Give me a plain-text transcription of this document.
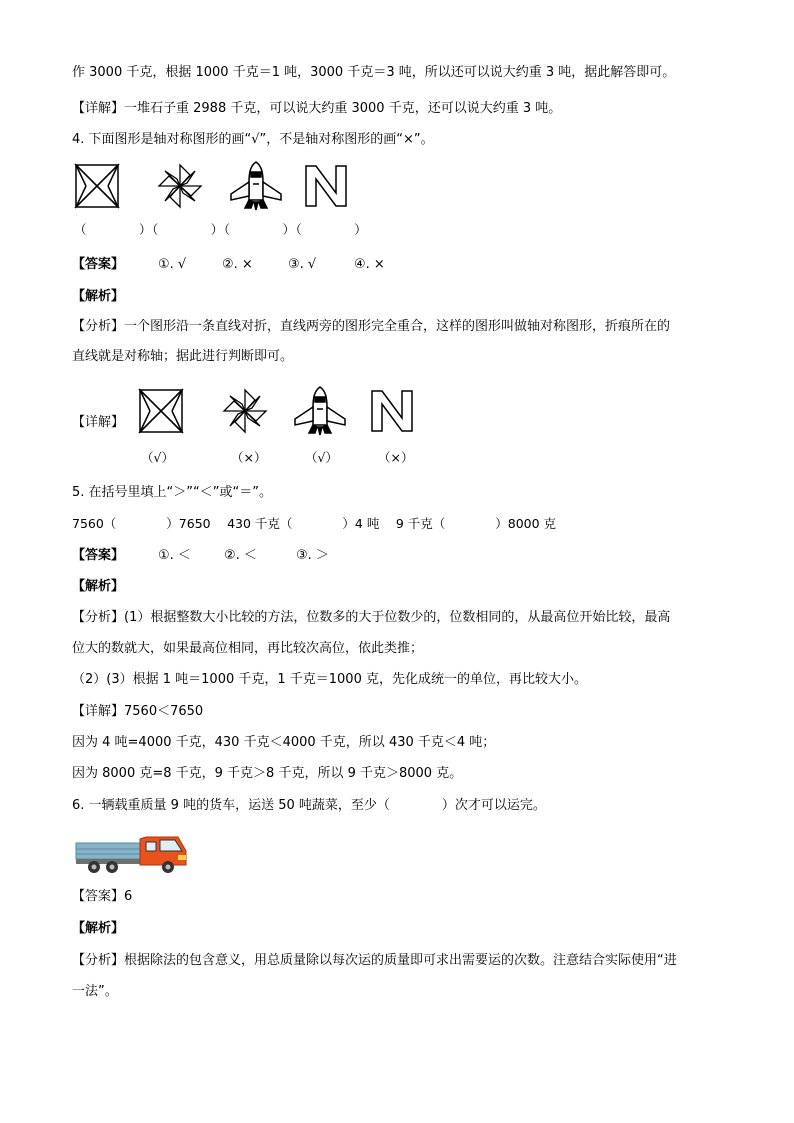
作 3000 千克，根据 1000 千克＝1 吨，3000 千克＝3 吨，所以还可以说大约重 3 吨，据此解答即可。
【详解】一堆石子重 2988 千克，可以说大约重 3000 千克，还可以说大约重 3 吨。
4. 下面图形是轴对称图形的画“√”，不是轴对称图形的画“×”。
（　　　　）（　　　　）（　　　　）（　　　　）
【答案】	①. √	②. ×	③. √	④. ×
【解析】
【分析】一个图形沿一条直线对折，直线两旁的图形完全重合，这样的图形叫做轴对称图形，折痕所在的
直线就是对称轴；据此进行判断即可。
【详解】
（√）	（×）	（√）	（×）
5. 在括号里填上“＞”“＜”或“＝”。
7560（　　　　）7650　 430 千克（　　　　）4 吨　 9 千克（　　　　）8000 克
【答案】	①. ＜	②. ＜	③. ＞
【解析】
【分析】(1）根据整数大小比较的方法，位数多的大于位数少的，位数相同的，从最高位开始比较，最高
位大的数就大，如果最高位相同，再比较次高位，依此类推；
（2）(3）根据 1 吨＝1000 千克，1 千克＝1000 克，先化成统一的单位，再比较大小。
【详解】7560＜7650
因为 4 吨=4000 千克，430 千克＜4000 千克，所以 430 千克＜4 吨；
因为 8000 克=8 千克，9 千克＞8 千克，所以 9 千克＞8000 克。
6. 一辆载重质量 9 吨的货车，运送 50 吨蔬菜，至少（　　　　）次才可以运完。
【答案】6
【解析】
【分析】根据除法的包含意义，用总质量除以每次运的质量即可求出需要运的次数。注意结合实际使用“进
一法”。
